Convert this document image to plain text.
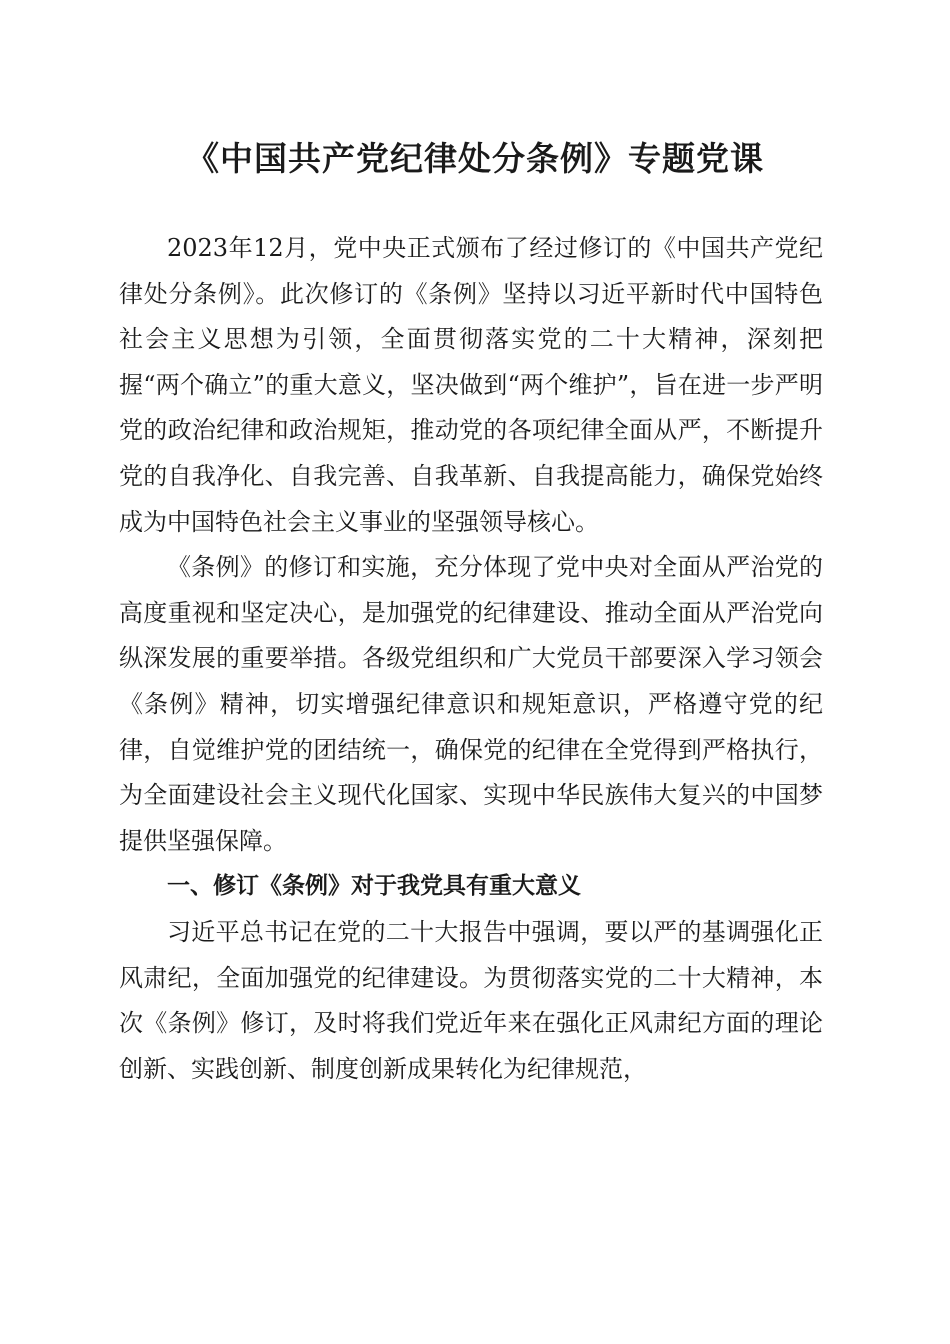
《中国共产党纪律处分条例》专题党课

2023年12月，党中央正式颁布了经过修订的《中国共产党纪律处分条例》。此次修订的《条例》坚持以习近平新时代中国特色社会主义思想为引领，全面贯彻落实党的二十大精神，深刻把握“两个确立”的重大意义，坚决做到“两个维护”，旨在进一步严明党的政治纪律和政治规矩，推动党的各项纪律全面从严，不断提升党的自我净化、自我完善、自我革新、自我提高能力，确保党始终成为中国特色社会主义事业的坚强领导核心。

《条例》的修订和实施，充分体现了党中央对全面从严治党的高度重视和坚定决心，是加强党的纪律建设、推动全面从严治党向纵深发展的重要举措。各级党组织和广大党员干部要深入学习领会《条例》精神，切实增强纪律意识和规矩意识，严格遵守党的纪律，自觉维护党的团结统一，确保党的纪律在全党得到严格执行，为全面建设社会主义现代化国家、实现中华民族伟大复兴的中国梦提供坚强保障。

一、修订《条例》对于我党具有重大意义

习近平总书记在党的二十大报告中强调，要以严的基调强化正风肃纪，全面加强党的纪律建设。为贯彻落实党的二十大精神，本次《条例》修订，及时将我们党近年来在强化正风肃纪方面的理论创新、实践创新、制度创新成果转化为纪律规范，
